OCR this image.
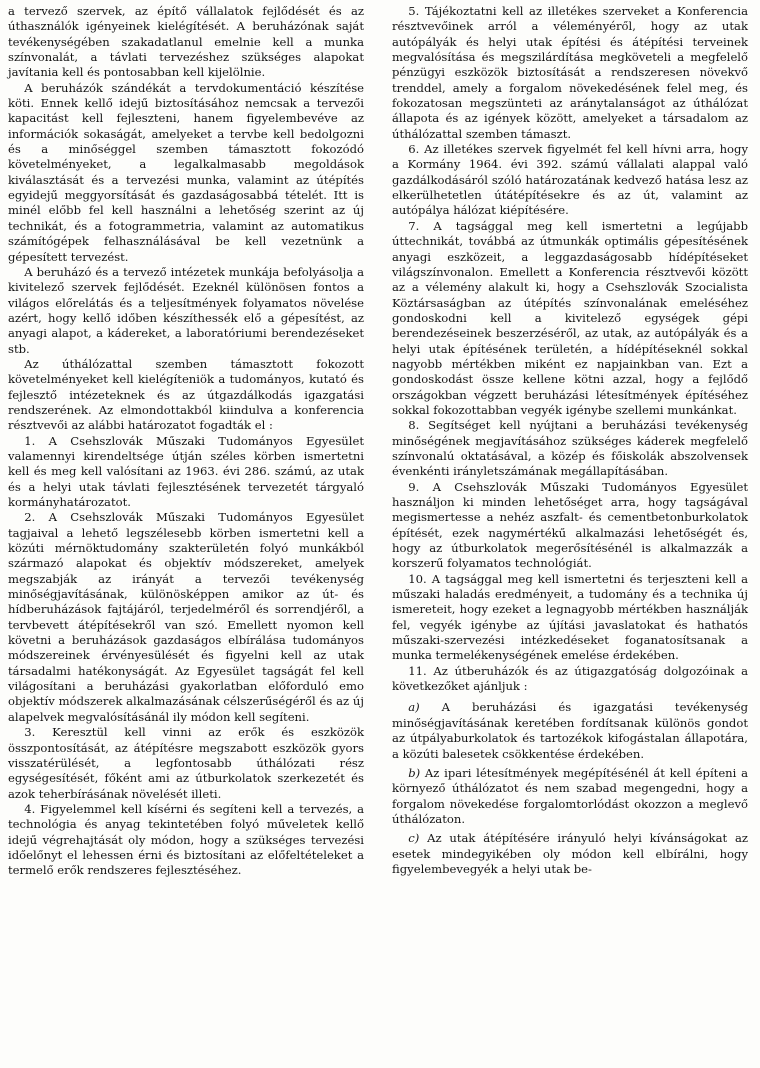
a tervező szervek, az építő vállalatok fejlődését és az úthasználók igényeinek kielégítését. A beruházónak saját tevékenységében szakadatlanul emelnie kell a munka színvonalát, a távlati tervezéshez szükséges alapokat javítania kell és pontosabban kell kijelölnie.

A beruházók szándékát a tervdokumentáció készítése köti. Ennek kellő idejű biztosításához nemcsak a tervezői kapacitást kell fejleszteni, hanem figyelembevéve az információk sokaságát, amelyeket a tervbe kell bedolgozni és a minőséggel szemben támasztott fokozódó követelményeket, a legalkalmasabb megoldások kiválasztását és a tervezési munka, valamint az útépítés egyidejű meggyorsítását és gazdaságosabbá tételét. Itt is minél előbb fel kell használni a lehetőség szerint az új technikát, és a fotogrammetria, valamint az automatikus számítógépek felhasználásával be kell vezetnünk a gépesített tervezést.

A beruházó és a tervező intézetek munkája befolyásolja a kivitelező szervek fejlődését. Ezeknél különösen fontos a világos előrelátás és a teljesítmények folyamatos növelése azért, hogy kellő időben készíthessék elő a gépesítést, az anyagi alapot, a kádereket, a laboratóriumi berendezéseket stb.

Az úthálózattal szemben támasztott fokozott követelményeket kell kielégíteniök a tudományos, kutató és fejlesztő intézeteknek és az útgazdálkodás igazgatási rendszerének. Az elmondottakból kiindulva a konferencia résztvevői az alábbi határozatot fogadták el :

1. A Csehszlovák Műszaki Tudományos Egyesület valamennyi kirendeltsége útján széles körben ismertetni kell és meg kell valósítani az 1963. évi 286. számú, az utak és a helyi utak távlati fejlesztésének tervezetét tárgyaló kormányhatározatot.

2. A Csehszlovák Műszaki Tudományos Egyesület tagjaival a lehető legszélesebb körben ismertetni kell a közúti mérnöktudomány szakterületén folyó munkákból származó alapokat és objektív módszereket, amelyek megszabják az irányát a tervezői tevékenység minőségjavításának, különösképpen amikor az út- és hídberuházások fajtájáról, terjedelméről és sorrendjéről, a tervbevett átépítésekről van szó. Emellett nyomon kell követni a beruházások gazdaságos elbírálása tudományos módszereinek érvényesülését és figyelni kell az utak társadalmi hatékonyságát. Az Egyesület tagságát fel kell világosítani a beruházási gyakorlatban előforduló emo objektív módszerek alkalmazásának célszerűségéről és az új alapelvek megvalósításánál ily módon kell segíteni.

3. Keresztül kell vinni az erők és eszközök összpontosítását, az átépítésre megszabott eszközök gyors visszatérülését, a legfontosabb úthálózati rész egységesítését, főként ami az útburkolatok szerkezetét és azok teherbírásának növelését illeti.

4. Figyelemmel kell kísérni és segíteni kell a tervezés, a technológia és anyag tekintetében folyó műveletek kellő idejű végrehajtását oly módon, hogy a szükséges tervezési időelőnyt el lehessen érni és biztosítani az előfeltételeket a termelő erők rendszeres fejlesztéséhez.

5. Tájékoztatni kell az illetékes szerveket a Konferencia résztvevőinek arról a véleményéről, hogy az utak autópályák és helyi utak építési és átépítési terveinek megvalósítása és megszilárdítása megköveteli a megfelelő pénzügyi eszközök biztosítását a rendszeresen növekvő trenddel, amely a forgalom növekedésének felel meg, és fokozatosan megszünteti az aránytalanságot az úthálózat állapota és az igények között, amelyeket a társadalom az úthálózattal szemben támaszt.

6. Az illetékes szervek figyelmét fel kell hívni arra, hogy a Kormány 1964. évi 392. számú vállalati alappal való gazdálkodásáról szóló határozatának kedvező hatása lesz az elkerülhetetlen útátépítésekre és az út, valamint az autópálya hálózat kiépítésére.

7. A tagsággal meg kell ismertetni a legújabb úttechnikát, továbbá az útmunkák optimális gépesítésének anyagi eszközeit, a leggazdaságosabb hídépítéseket világszínvonalon. Emellett a Konferencia résztvevői között az a vélemény alakult ki, hogy a Csehszlovák Szocialista Köztársaságban az útépítés színvonalának emeléséhez gondoskodni kell a kivitelező egységek gépi berendezéseinek beszerzéséről, az utak, az autópályák és a helyi utak építésének területén, a hídépítéseknél sokkal nagyobb mértékben miként ez napjainkban van. Ezt a gondoskodást össze kellene kötni azzal, hogy a fejlődő országokban végzett beruházási létesítmények építéséhez sokkal fokozottabban vegyék igénybe szellemi munkánkat.

8. Segítséget kell nyújtani a beruházási tevékenység minőségének megjavításához szükséges káderek megfelelő színvonalú oktatásával, a közép és főiskolák abszolvensek évenkénti irányletszámának megállapításában.

9. A Csehszlovák Műszaki Tudományos Egyesület használjon ki minden lehetőséget arra, hogy tagságával megismertesse a nehéz aszfalt- és cementbetonburkolatok építését, ezek nagymértékű alkalmazási lehetőségét és, hogy az útburkolatok megerősítésénél is alkalmazzák a korszerű folyamatos technológiát.

10. A tagsággal meg kell ismertetni és terjeszteni kell a műszaki haladás eredményeit, a tudomány és a technika új ismereteit, hogy ezeket a legnagyobb mértékben használják fel, vegyék igénybe az újítási javaslatokat és hathatós műszaki-szervezési intézkedéseket foganatosítsanak a munka termelékenységének emelése érdekében.

11. Az útberuházók és az útigazgatóság dolgozóinak a következőket ajánljuk :

a) A beruházási és igazgatási tevékenység minőségjavításának keretében fordítsanak különös gondot az útpályaburkolatok és tartozékok kifogástalan állapotára, a közúti balesetek csökkentése érdekében.

b) Az ipari létesítmények megépítésénél át kell építeni a környező úthálózatot és nem szabad megengedni, hogy a forgalom növekedése forgalomtorlódást okozzon a meglevő úthálózaton.

c) Az utak átépítésére irányuló helyi kívánságokat az esetek mindegyikében oly módon kell elbírálni, hogy figyelembevegyék a helyi utak be-
